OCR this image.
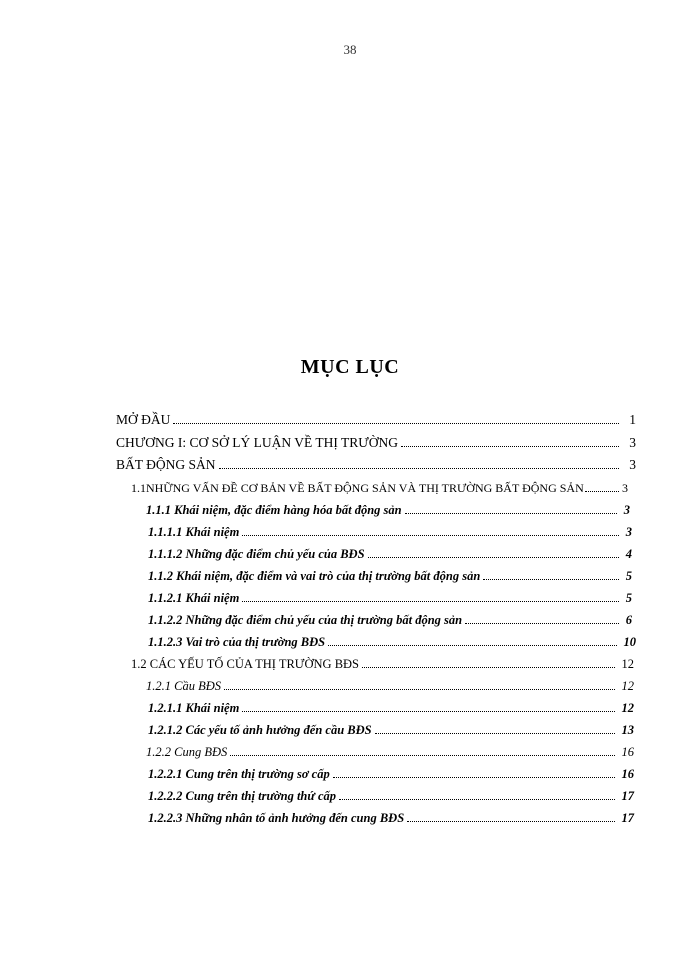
38
MỤC LỤC
MỞ ĐẦU	1
CHƯƠNG I: CƠ SỞ LÝ LUẬN VỀ THỊ TRƯỜNG	3
BẤT ĐỘNG SẢN	3
1.1NHỮNG VẤN ĐỀ CƠ BẢN VỀ BẤT ĐỘNG SẢN VÀ THỊ TRƯỜNG BẤT ĐỘNG SẢN	3
1.1.1 Khái niệm, đặc điểm hàng hóa bất động sản	3
1.1.1.1 Khái niệm	3
1.1.1.2 Những đặc điểm chủ yếu của BĐS	4
1.1.2 Khái niệm, đặc điểm và vai trò của thị trường bất động sản	5
1.1.2.1 Khái niệm	5
1.1.2.2 Những đặc điểm chủ yếu của thị trường bất động sản	6
1.1.2.3 Vai trò của thị trường BĐS	10
1.2 CÁC YẾU TỐ CỦA THỊ TRƯỜNG BĐS	12
1.2.1 Cầu BĐS	12
1.2.1.1 Khái niệm	12
1.2.1.2 Các yếu tố ảnh hưởng đến cầu BĐS	13
1.2.2 Cung BĐS	16
1.2.2.1 Cung trên thị trường sơ cấp	16
1.2.2.2 Cung trên thị trường thứ cấp	17
1.2.2.3 Những nhân tố ảnh hưởng đến cung BĐS	17
